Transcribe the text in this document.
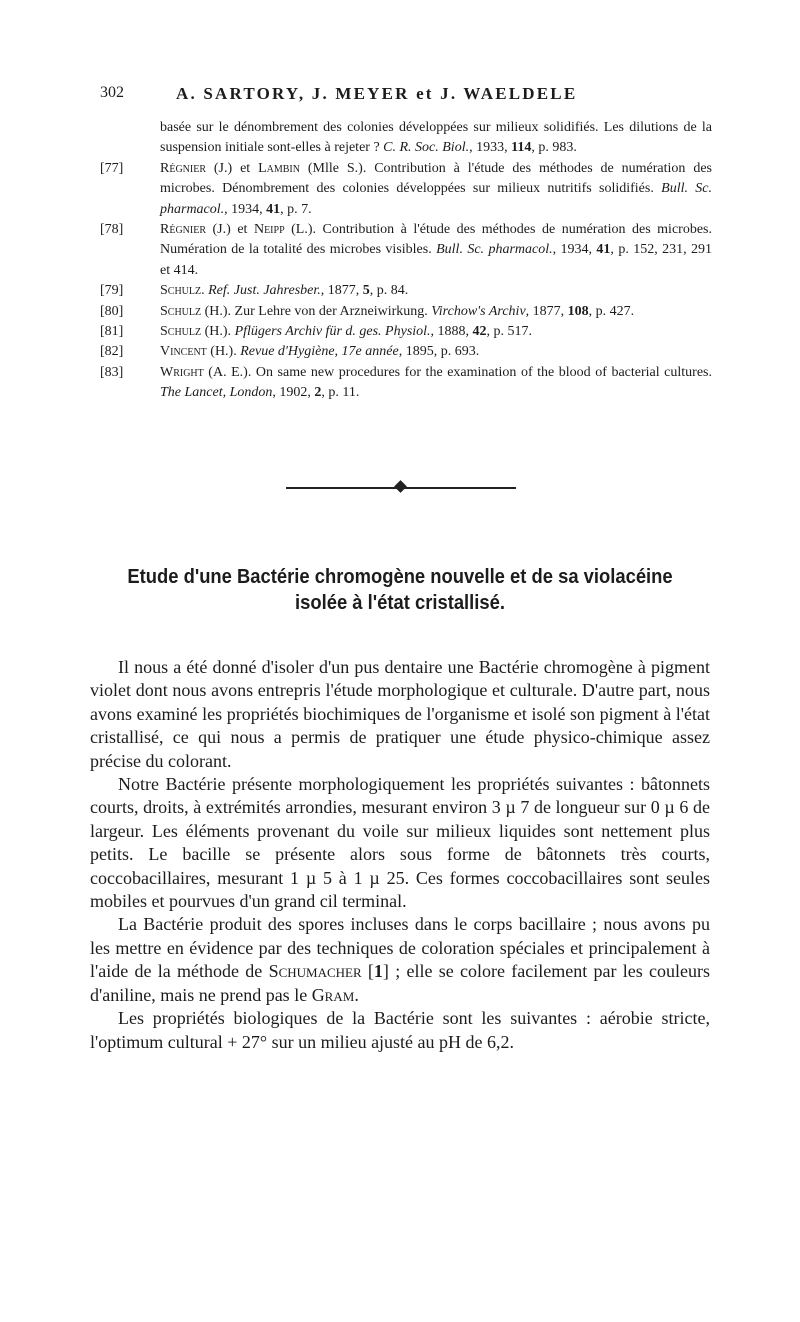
302	A. SARTORY, J. MEYER et J. WAELDELE
basée sur le dénombrement des colonies développées sur milieux solidifiés. Les dilutions de la suspension initiale sont-elles à rejeter ? C. R. Soc. Biol., 1933, 114, p. 983.
[77]	Régnier (J.) et Lambin (Mlle S.). Contribution à l'étude des méthodes de numération des microbes. Dénombrement des colonies développées sur milieux nutritifs solidifiés. Bull. Sc. pharmacol., 1934, 41, p. 7.
[78]	Régnier (J.) et Neipp (L.). Contribution à l'étude des méthodes de numération des microbes. Numération de la totalité des microbes visibles. Bull. Sc. pharmacol., 1934, 41, p. 152, 231, 291 et 414.
[79]	Schulz. Ref. Just. Jahresber., 1877, 5, p. 84.
[80]	Schulz (H.). Zur Lehre von der Arzneiwirkung. Virchow's Archiv, 1877, 108, p. 427.
[81]	Schulz (H.). Pflügers Archiv für d. ges. Physiol., 1888, 42, p. 517.
[82]	Vincent (H.). Revue d'Hygiène, 17e année, 1895, p. 693.
[83]	Wright (A. E.). On same new procedures for the examination of the blood of bacterial cultures. The Lancet, London, 1902, 2, p. 11.
Etude d'une Bactérie chromogène nouvelle et de sa violacéine
isolée à l'état cristallisé.

Il nous a été donné d'isoler d'un pus dentaire une Bactérie chromogène à pigment violet dont nous avons entrepris l'étude morphologique et culturale. D'autre part, nous avons examiné les propriétés biochimiques de l'organisme et isolé son pigment à l'état cristallisé, ce qui nous a permis de pratiquer une étude physico-chimique assez précise du colorant.

Notre Bactérie présente morphologiquement les propriétés suivantes : bâtonnets courts, droits, à extrémités arrondies, mesurant environ 3 µ 7 de longueur sur 0 µ 6 de largeur. Les éléments provenant du voile sur milieux liquides sont nettement plus petits. Le bacille se présente alors sous forme de bâtonnets très courts, coccobacillaires, mesurant 1 µ 5 à 1 µ 25. Ces formes coccobacillaires sont seules mobiles et pourvues d'un grand cil terminal.

La Bactérie produit des spores incluses dans le corps bacillaire ; nous avons pu les mettre en évidence par des techniques de coloration spéciales et principalement à l'aide de la méthode de Schumacher [1] ; elle se colore facilement par les couleurs d'aniline, mais ne prend pas le Gram.

Les propriétés biologiques de la Bactérie sont les suivantes : aérobie stricte, l'optimum cultural + 27° sur un milieu ajusté au pH de 6,2.
